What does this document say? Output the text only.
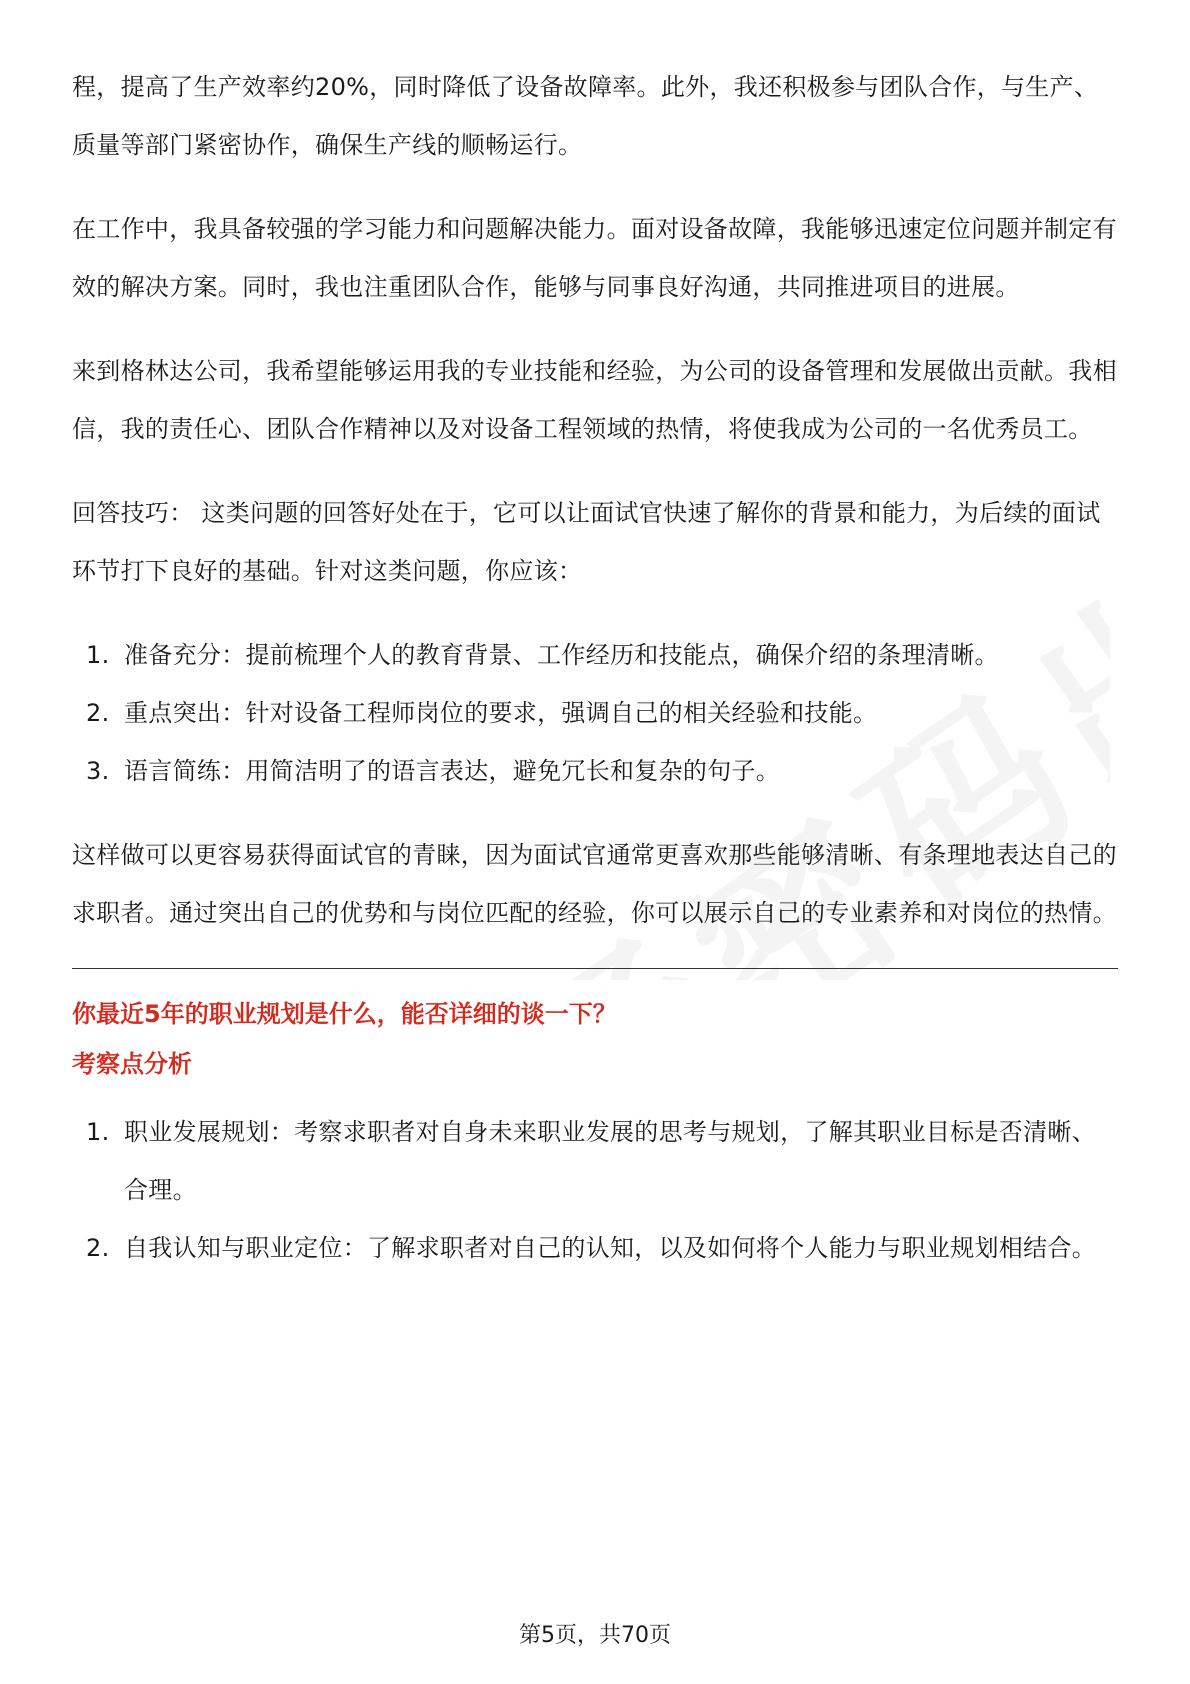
程，提高了生产效率约20%，同时降低了设备故障率。此外，我还积极参与团队合作，与生产、质量等部门紧密协作，确保生产线的顺畅运行。

在工作中，我具备较强的学习能力和问题解决能力。面对设备故障，我能够迅速定位问题并制定有效的解决方案。同时，我也注重团队合作，能够与同事良好沟通，共同推进项目的进展。

来到格林达公司，我希望能够运用我的专业技能和经验，为公司的设备管理和发展做出贡献。我相信，我的责任心、团队合作精神以及对设备工程领域的热情，将使我成为公司的一名优秀员工。

回答技巧： 这类问题的回答好处在于，它可以让面试官快速了解你的背景和能力，为后续的面试环节打下良好的基础。针对这类问题，你应该：

1. 准备充分：提前梳理个人的教育背景、工作经历和技能点，确保介绍的条理清晰。
2. 重点突出：针对设备工程师岗位的要求，强调自己的相关经验和技能。
3. 语言简练：用简洁明了的语言表达，避免冗长和复杂的句子。

这样做可以更容易获得面试官的青睐，因为面试官通常更喜欢那些能够清晰、有条理地表达自己的求职者。通过突出自己的优势和与岗位匹配的经验，你可以展示自己的专业素养和对岗位的热情。

你最近5年的职业规划是什么，能否详细的谈一下？
考察点分析
1. 职业发展规划：考察求职者对自身未来职业发展的思考与规划，了解其职业目标是否清晰、合理。
2. 自我认知与职业定位：了解求职者对自己的认知，以及如何将个人能力与职业规划相结合。
第5页，共70页
